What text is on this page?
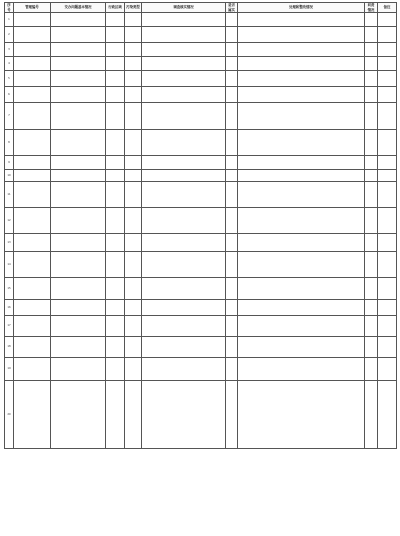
序号	管理编号	交办问题基本情况	行政区域	污染类型	调查核实情况	是否属实	处理和整改情况	问责情况	备注
1									
2									
3									
4									
5									
6									
7									
8									
9									
10									
11									
12									
13									
14									
15									
16									
17									
18									
19									
20									
